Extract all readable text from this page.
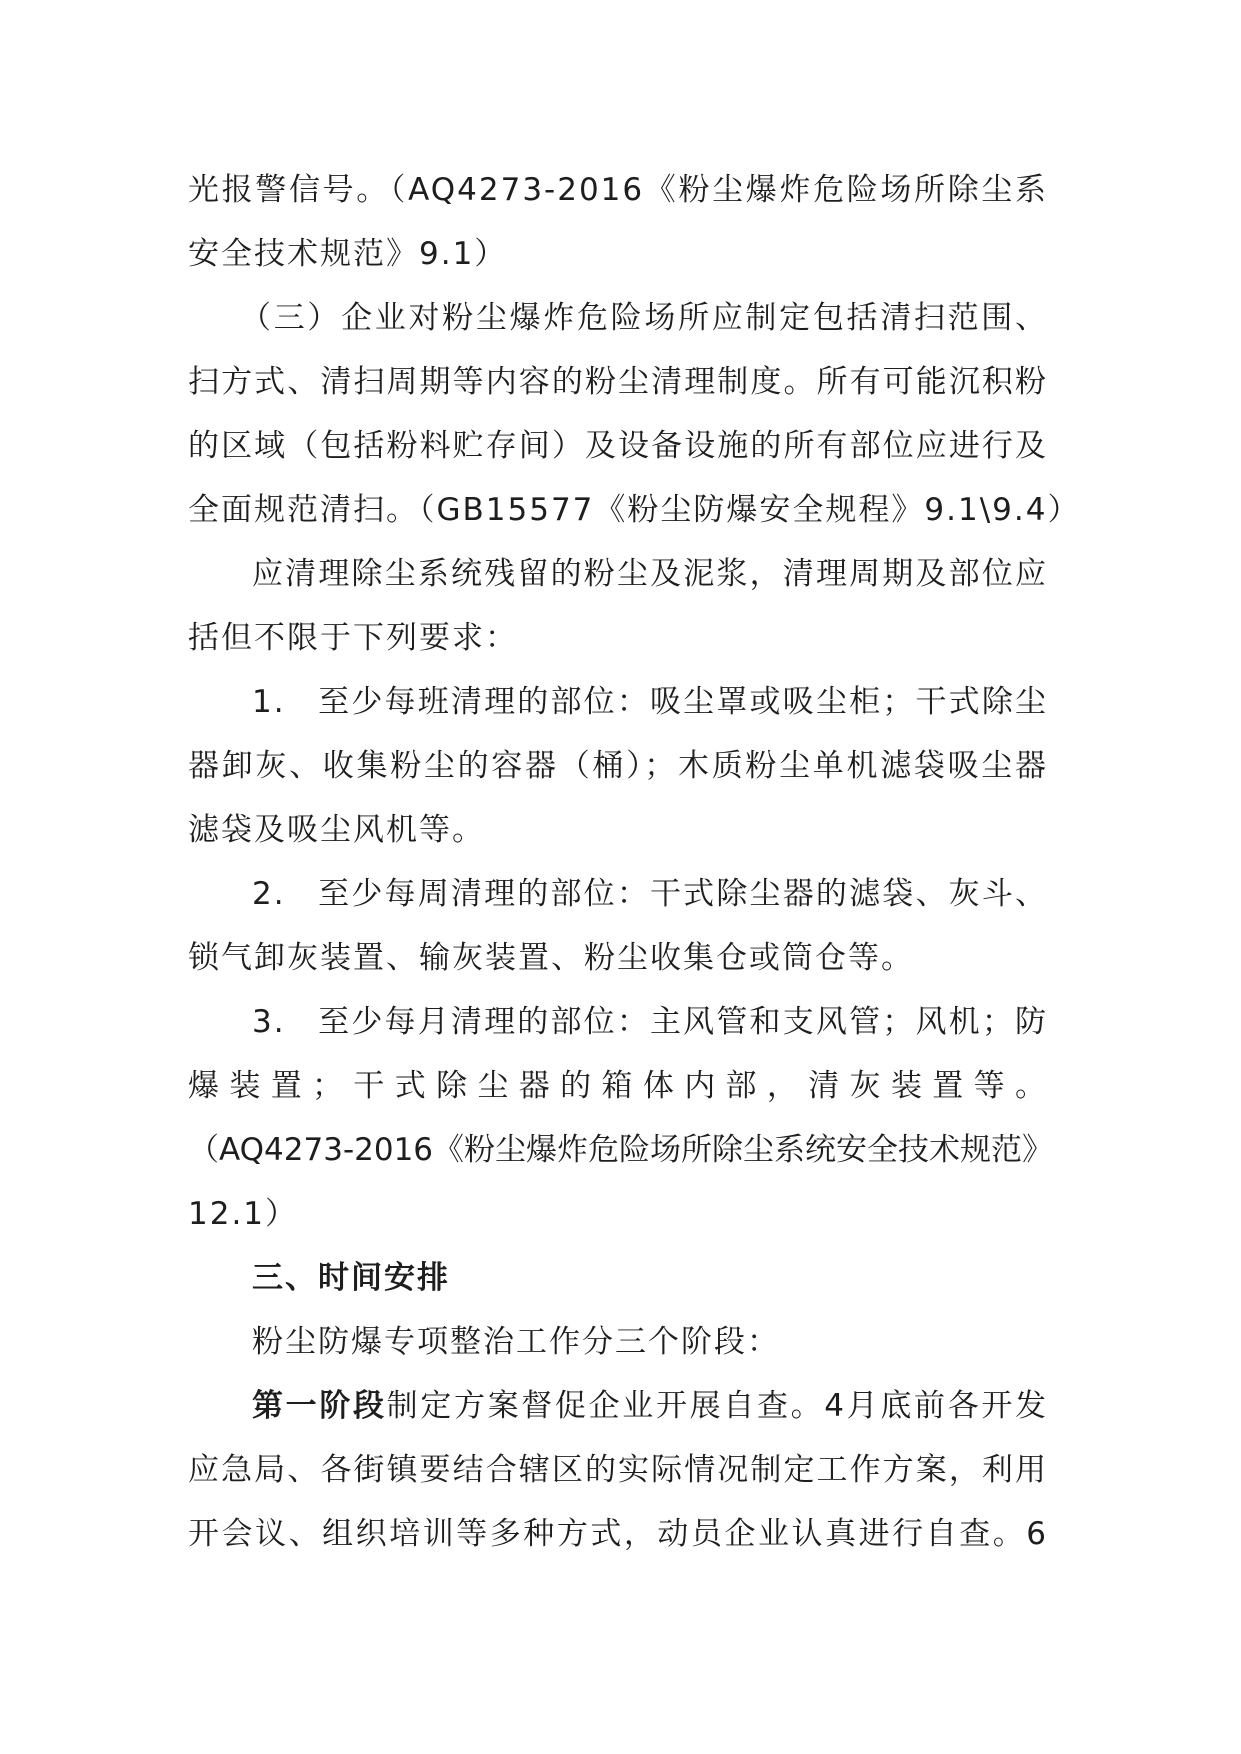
光报警信号。（AQ4273-2016《粉尘爆炸危险场所除尘系
安全技术规范》9.1）
（三）企业对粉尘爆炸危险场所应制定包括清扫范围、
扫方式、清扫周期等内容的粉尘清理制度。所有可能沉积粉
的区域（包括粉料贮存间）及设备设施的所有部位应进行及
全面规范清扫。（GB15577《粉尘防爆安全规程》9.1\9.4）
应清理除尘系统残留的粉尘及泥浆，清理周期及部位应
括但不限于下列要求：
1. 至少每班清理的部位：吸尘罩或吸尘柜；干式除尘
器卸灰、收集粉尘的容器（桶）；木质粉尘单机滤袋吸尘器
滤袋及吸尘风机等。
2. 至少每周清理的部位：干式除尘器的滤袋、灰斗、
锁气卸灰装置、输灰装置、粉尘收集仓或筒仓等。
3. 至少每月清理的部位：主风管和支风管；风机；防
爆装置；干式除尘器的箱体内部，清灰装置等。
（AQ4273-2016《粉尘爆炸危险场所除尘系统安全技术规范》
12.1）
三、时间安排
粉尘防爆专项整治工作分三个阶段：
第一阶段制定方案督促企业开展自查。4月底前各开发
应急局、各街镇要结合辖区的实际情况制定工作方案，利用
开会议、组织培训等多种方式，动员企业认真进行自查。6
